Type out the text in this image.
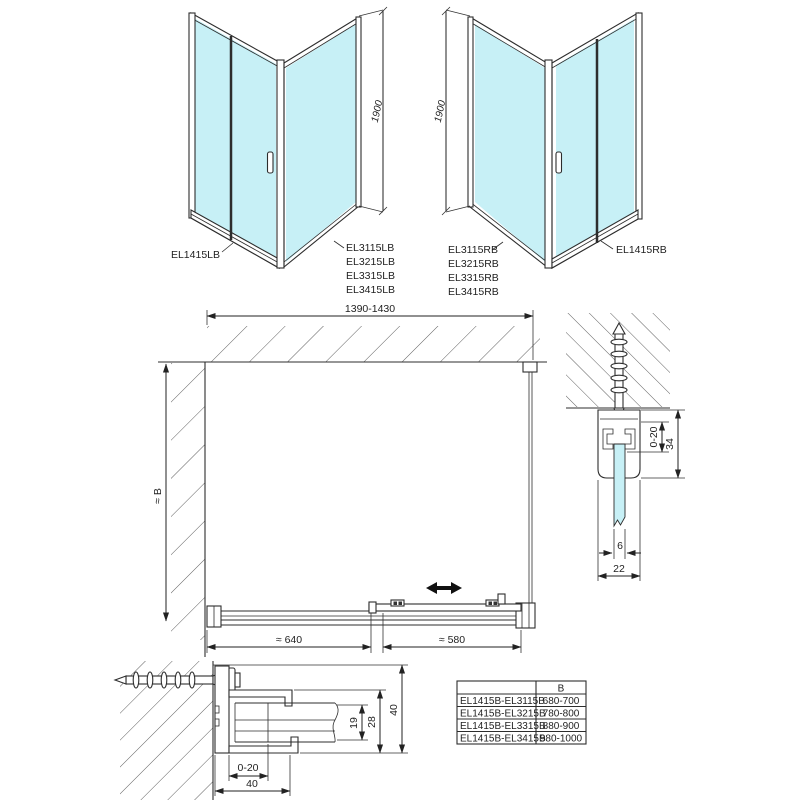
1900
EL1415LB
EL3115LB
EL3215LB
EL3315LB
EL3415LB
1900
EL3115RB
EL3215RB
EL3315RB
EL3415RB
EL1415RB
1390-1430
≈ B
≈ 640	≈ 580
0-20 34
6
22
0-20
40
19 28
40
B
EL1415B-EL3115B
680-700
EL1415B-EL3215B
780-800
EL1415B-EL3315B
880-900
EL1415B-EL3415B
980-1000
